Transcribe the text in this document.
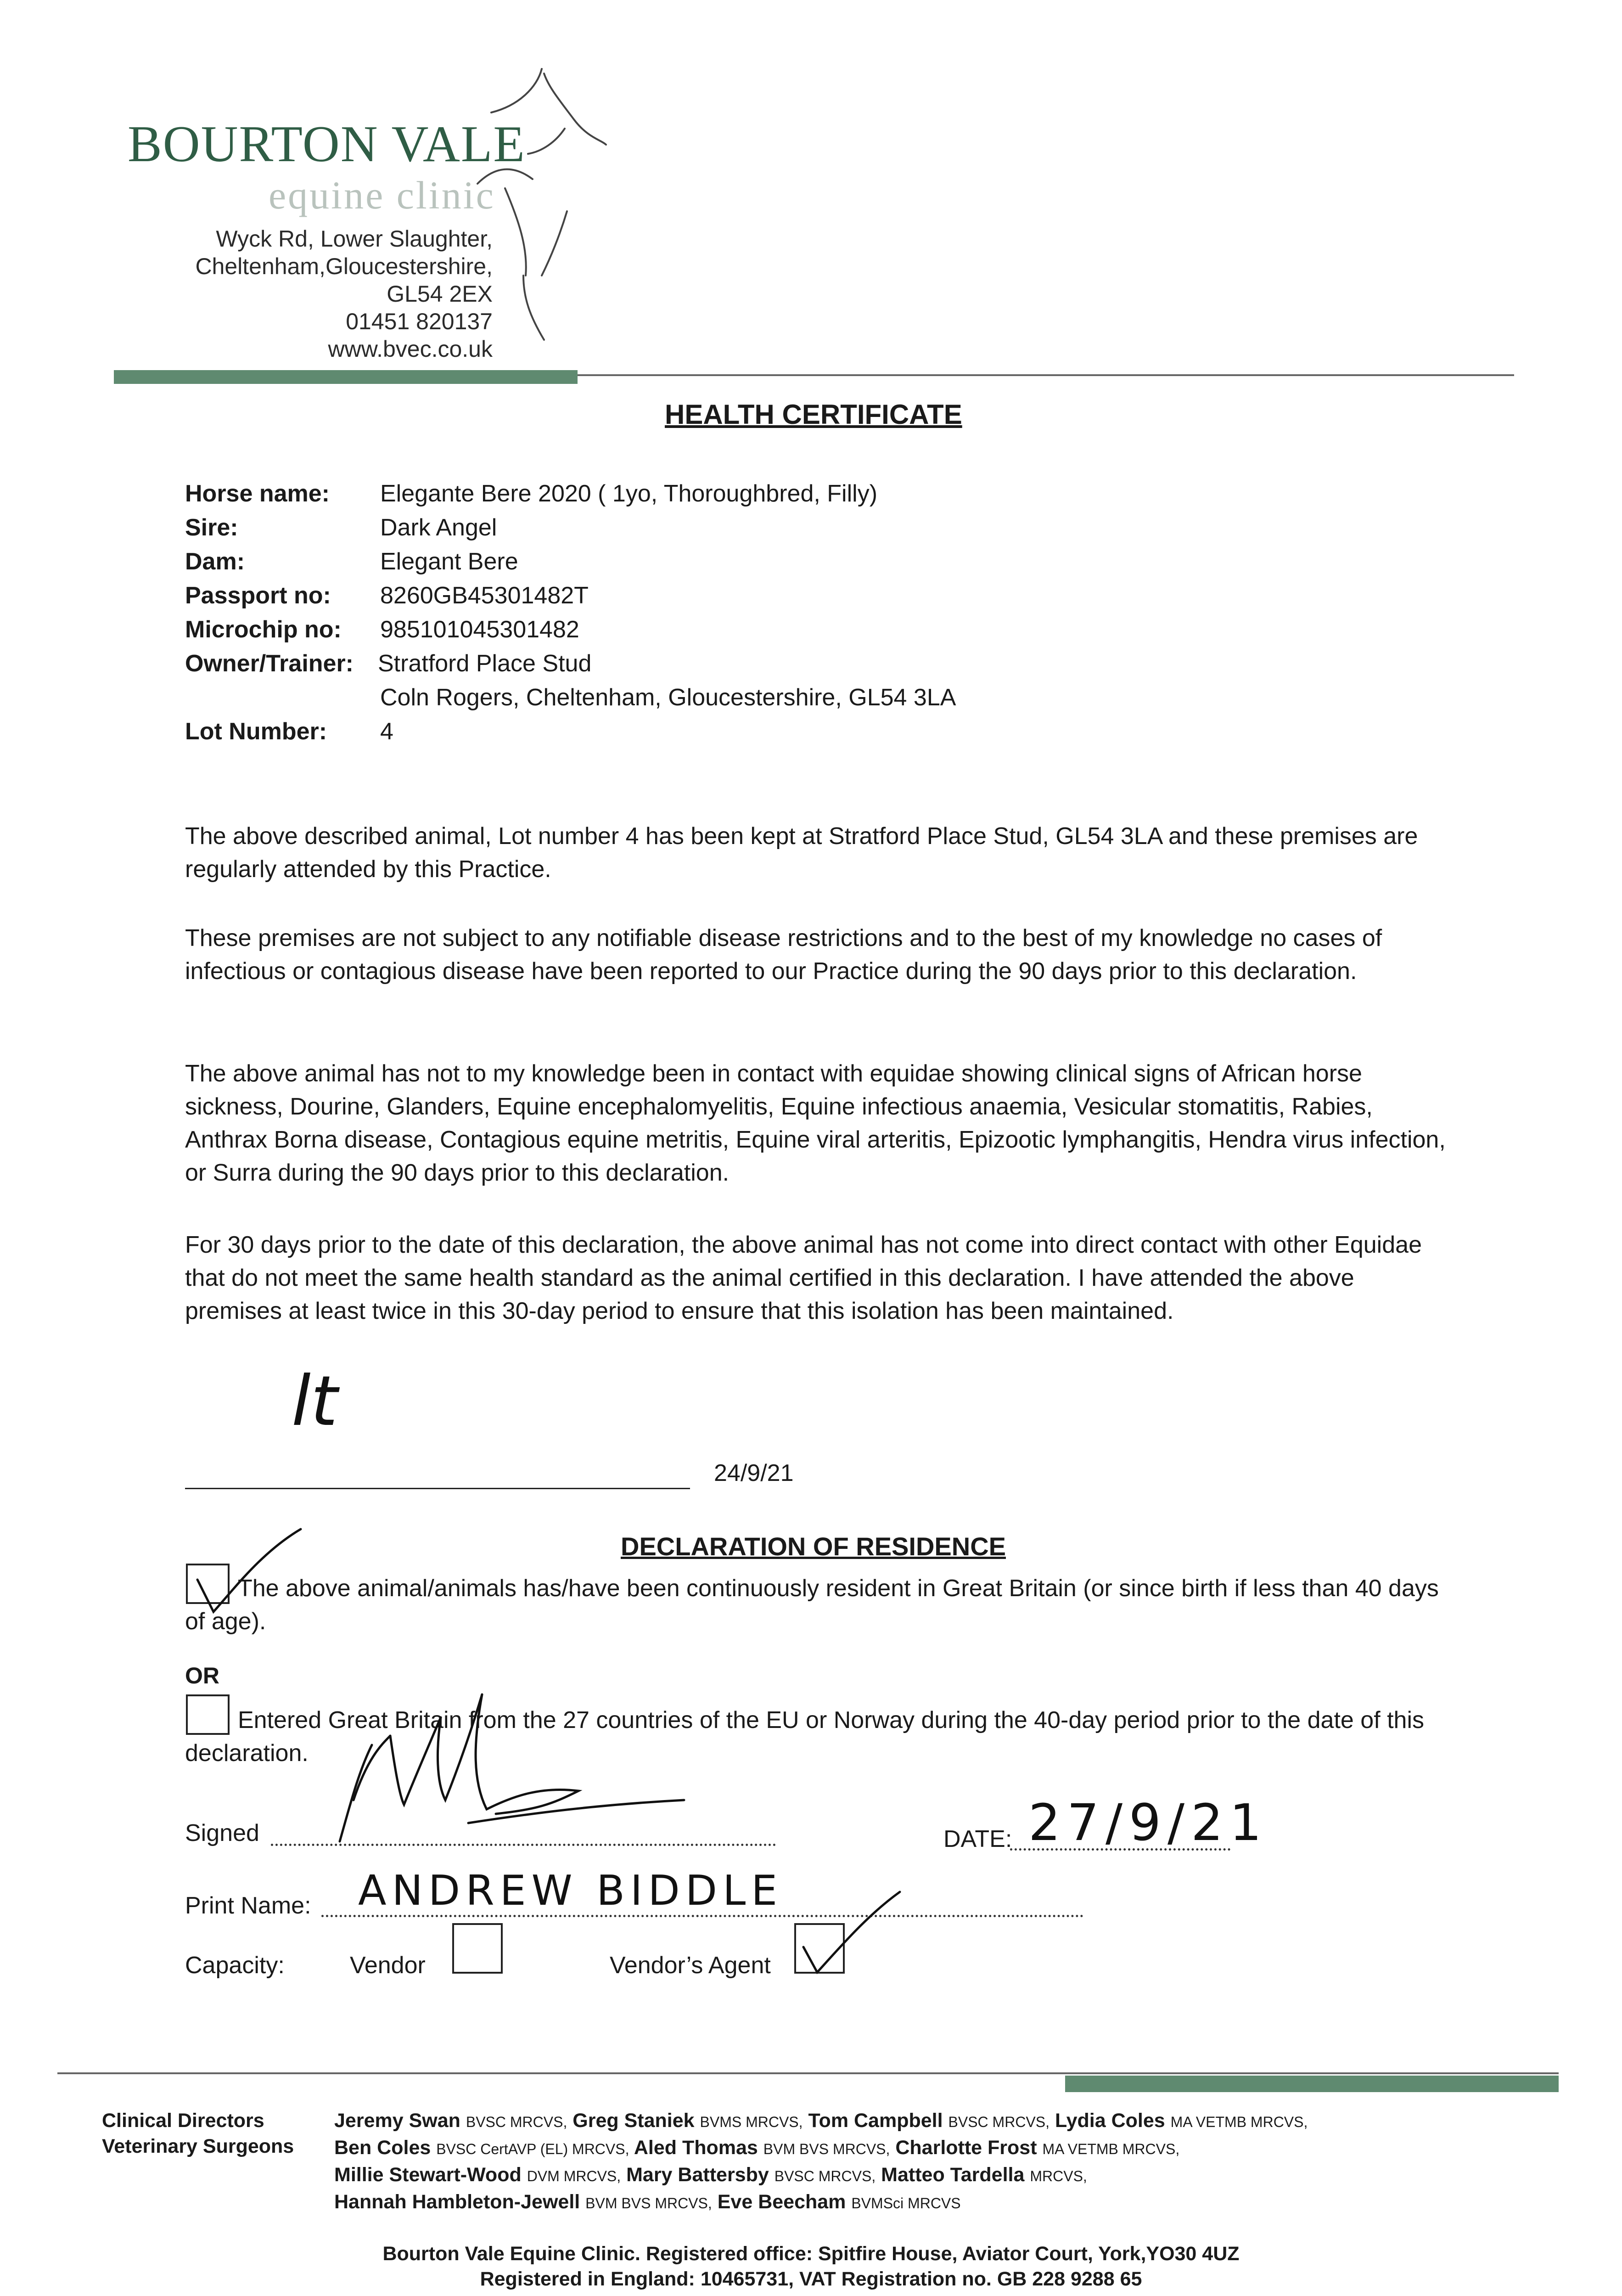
BOURTON VALE
equine clinic
Wyck Rd, Lower Slaughter,
Cheltenham,Gloucestershire,
GL54 2EX
01451 820137
www.bvec.co.uk
HEALTH CERTIFICATE
Horse name:	Elegante Bere 2020 ( 1yo, Thoroughbred, Filly)
Sire:	Dark Angel
Dam:	Elegant Bere
Passport no:	8260GB45301482T
Microchip no:	985101045301482
Owner/Trainer:	Stratford Place Stud
Coln Rogers, Cheltenham, Gloucestershire, GL54 3LA
Lot Number:	4
The above described animal, Lot number 4 has been kept at Stratford Place Stud, GL54 3LA and these premises are regularly attended by this Practice.
These premises are not subject to any notifiable disease restrictions and to the best of my knowledge no cases of infectious or contagious disease have been reported to our Practice during the 90 days prior to this declaration.
The above animal has not to my knowledge been in contact with equidae showing clinical signs of African horse sickness, Dourine, Glanders, Equine encephalomyelitis, Equine infectious anaemia, Vesicular stomatitis, Rabies, Anthrax Borna disease, Contagious equine metritis, Equine viral arteritis, Epizootic lymphangitis, Hendra virus infection, or Surra during the 90 days prior to this declaration.
For 30 days prior to the date of this declaration, the above animal has not come into direct contact with other Equidae that do not meet the same health standard as the animal certified in this declaration. I have attended the above premises at least twice in this 30-day period to ensure that this isolation has been maintained.
lt
24/9/21
DECLARATION OF RESIDENCE
The above animal/animals has/have been continuously resident in Great Britain (or since birth if less than 40 days of age).
OR
Entered Great Britain from the 27 countries of the EU or Norway during the 40-day period prior to the date of this declaration.
Signed	DATE: 27/9/21
Print Name: ANDREW BIDDLE
Capacity:	Vendor	Vendor’s Agent
Clinical Directors
Veterinary Surgeons
Jeremy Swan BVSC MRCVS, Greg Staniek BVMS MRCVS, Tom Campbell BVSC MRCVS, Lydia Coles MA VETMB MRCVS,
Ben Coles BVSC CertAVP (EL) MRCVS, Aled Thomas BVM BVS MRCVS, Charlotte Frost MA VETMB MRCVS,
Millie Stewart-Wood DVM MRCVS, Mary Battersby BVSC MRCVS, Matteo Tardella MRCVS,
Hannah Hambleton-Jewell BVM BVS MRCVS, Eve Beecham BVMSci MRCVS
Bourton Vale Equine Clinic. Registered office: Spitfire House, Aviator Court, York,YO30 4UZ
Registered in England: 10465731, VAT Registration no. GB 228 9288 65
